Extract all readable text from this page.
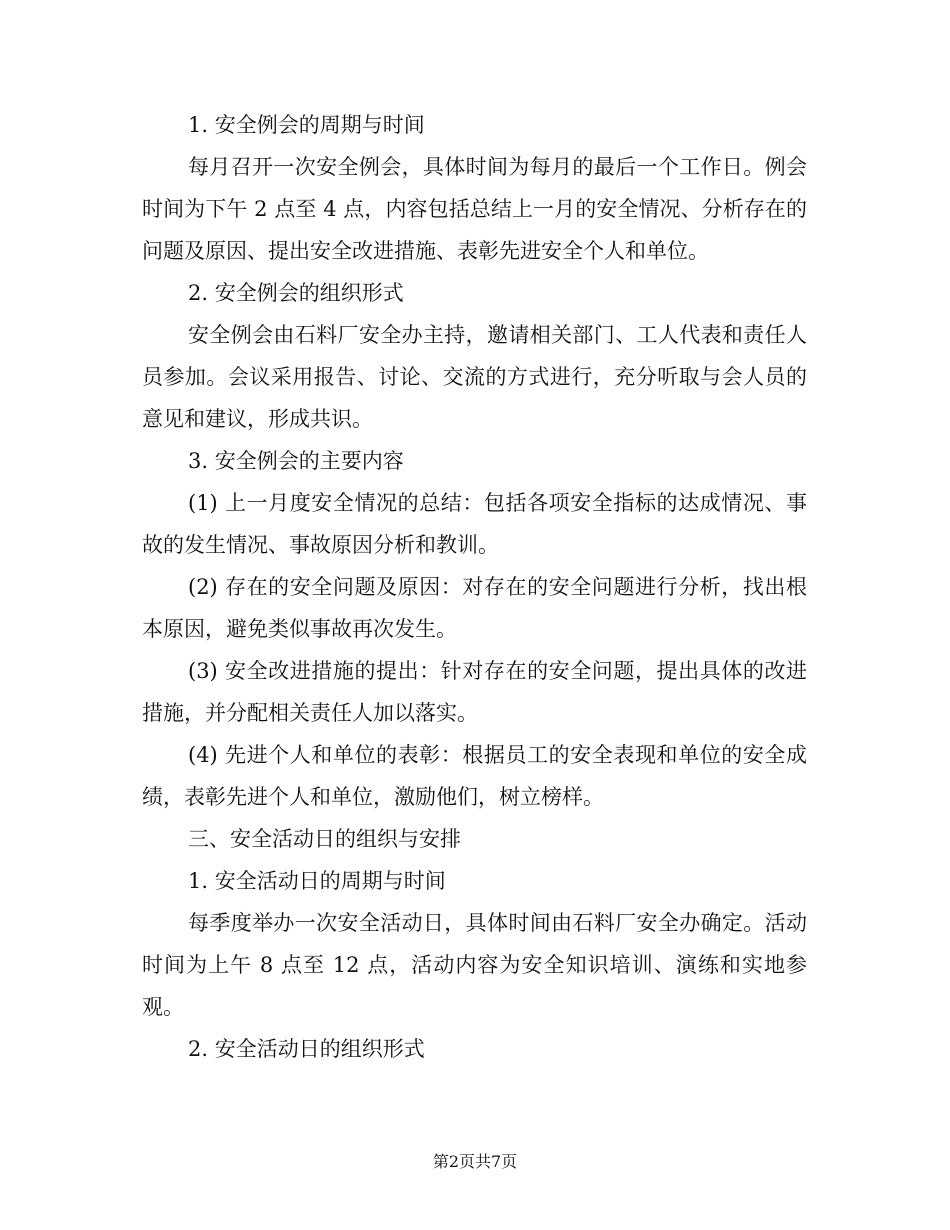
1. 安全例会的周期与时间

每月召开一次安全例会，具体时间为每月的最后一个工作日。例会时间为下午 2 点至 4 点，内容包括总结上一月的安全情况、分析存在的问题及原因、提出安全改进措施、表彰先进安全个人和单位。

2. 安全例会的组织形式

安全例会由石料厂安全办主持，邀请相关部门、工人代表和责任人员参加。会议采用报告、讨论、交流的方式进行，充分听取与会人员的意见和建议，形成共识。

3. 安全例会的主要内容

(1) 上一月度安全情况的总结：包括各项安全指标的达成情况、事故的发生情况、事故原因分析和教训。

(2) 存在的安全问题及原因：对存在的安全问题进行分析，找出根本原因，避免类似事故再次发生。

(3) 安全改进措施的提出：针对存在的安全问题，提出具体的改进措施，并分配相关责任人加以落实。

(4) 先进个人和单位的表彰：根据员工的安全表现和单位的安全成绩，表彰先进个人和单位，激励他们，树立榜样。

三、安全活动日的组织与安排

1. 安全活动日的周期与时间

每季度举办一次安全活动日，具体时间由石料厂安全办确定。活动时间为上午 8 点至 12 点，活动内容为安全知识培训、演练和实地参观。

2. 安全活动日的组织形式

第2页共7页
